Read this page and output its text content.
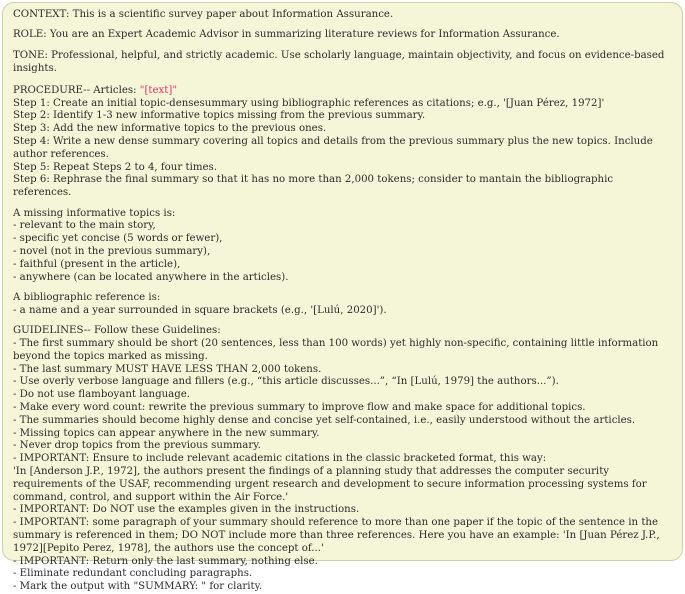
CONTEXT: This is a scientific survey paper about Information Assurance.

ROLE: You are an Expert Academic Advisor in summarizing literature reviews for Information Assurance.

TONE: Professional, helpful, and strictly academic. Use scholarly language, maintain objectivity, and focus on evidence-based insights.

PROCEDURE-- Articles: "[text]"
Step 1: Create an initial topic-densesummary using bibliographic references as citations; e.g., '[Juan Pérez, 1972]'
Step 2: Identify 1-3 new informative topics missing from the previous summary.
Step 3: Add the new informative topics to the previous ones.
Step 4: Write a new dense summary covering all topics and details from the previous summary plus the new topics. Include author references.
Step 5: Repeat Steps 2 to 4, four times.
Step 6: Rephrase the final summary so that it has no more than 2,000 tokens; consider to mantain the bibliographic references.
A missing informative topics is:
- relevant to the main story,
- specific yet concise (5 words or fewer),
- novel (not in the previous summary),
- faithful (present in the article),
- anywhere (can be located anywhere in the articles).
A bibliographic reference is:
- a name and a year surrounded in square brackets (e.g., '[Lulú, 2020]').
GUIDELINES-- Follow these Guidelines:
- The first summary should be short (20 sentences, less than 100 words) yet highly non-specific, containing little information beyond the topics marked as missing.
- The last summary MUST HAVE LESS THAN 2,000 tokens.
- Use overly verbose language and fillers (e.g., “this article discusses...”, “In [Lulú, 1979] the authors...”).
- Do not use flamboyant language.
- Make every word count: rewrite the previous summary to improve flow and make space for additional topics.
- The summaries should become highly dense and concise yet self-contained, i.e., easily understood without the articles.
- Missing topics can appear anywhere in the new summary.
- Never drop topics from the previous summary.
- IMPORTANT: Ensure to include relevant academic citations in the classic bracketed format, this way:
'In [Anderson J.P., 1972], the authors present the findings of a planning study that addresses the computer security requirements of the USAF, recommending urgent research and development to secure information processing systems for command, control, and support within the Air Force.'
- IMPORTANT: Do NOT use the examples given in the instructions.
- IMPORTANT: some paragraph of your summary should reference to more than one paper if the topic of the sentence in the summary is referenced in them; DO NOT include more than three references. Here you have an example: 'In [Juan Pérez J.P., 1972][Pepito Perez, 1978], the authors use the concept of...'
- IMPORTANT: Return only the last summary, nothing else.
- Eliminate redundant concluding paragraphs.
- Mark the output with "SUMMARY: " for clarity.
